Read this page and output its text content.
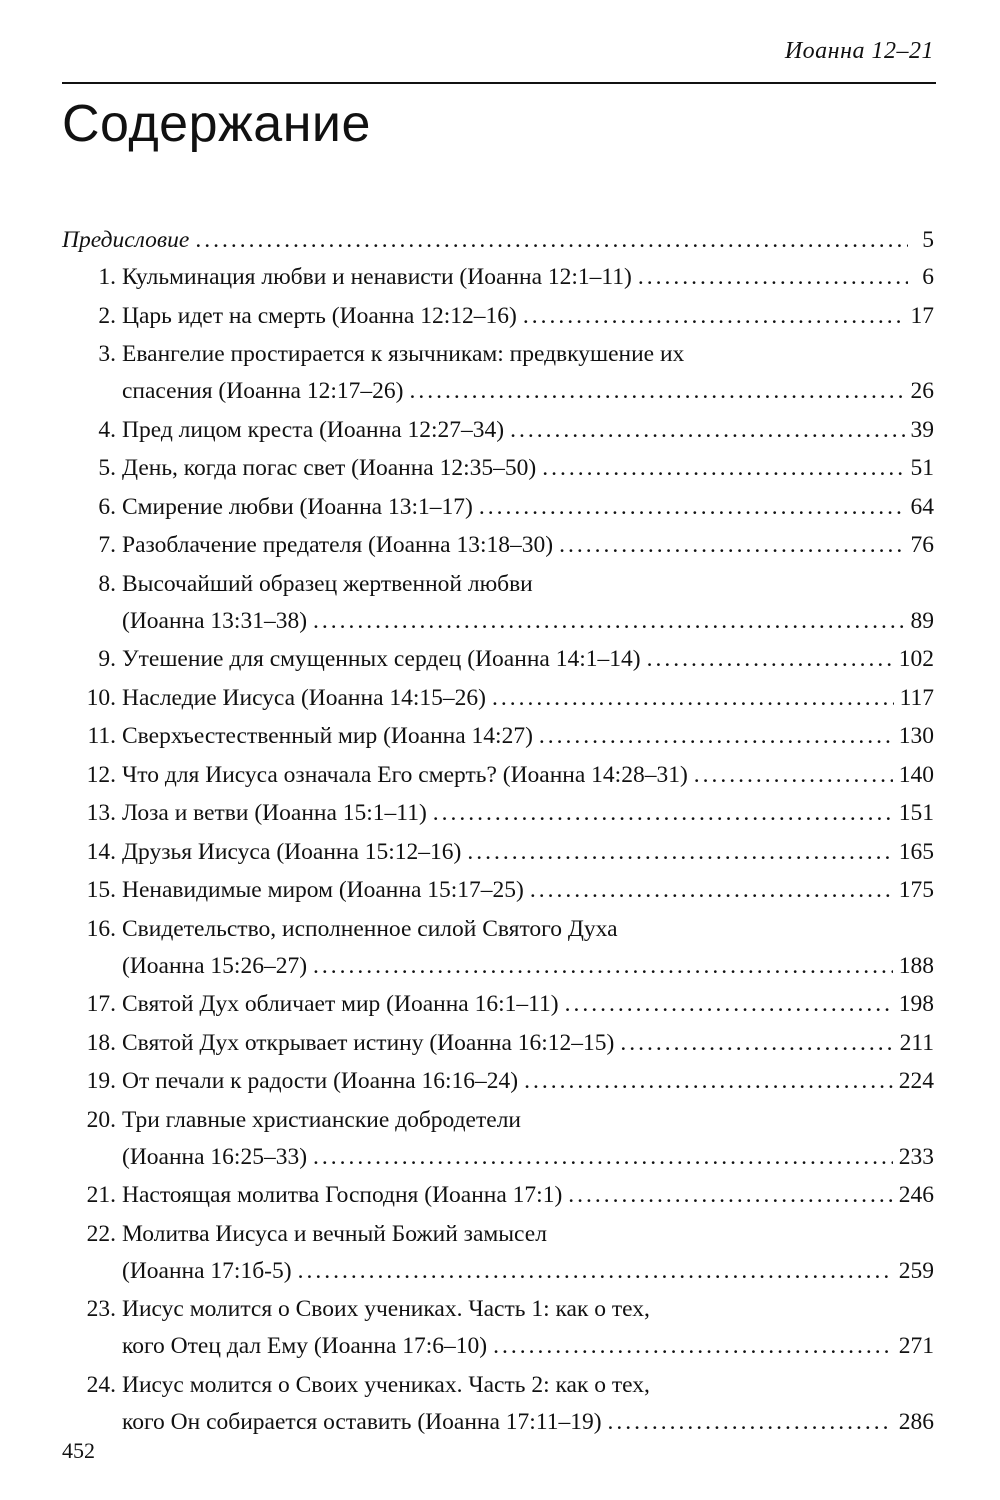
Иоанна 12–21
Содержание
Предисловие .....	5
1. Кульминация любви и ненависти (Иоанна 12:1–11) .....	6
2. Царь идет на смерть (Иоанна 12:12–16) .....	17
3. Евангелие простирается к язычникам: предвкушение их
спасения (Иоанна 12:17–26) .....	26
4. Пред лицом креста (Иоанна 12:27–34) .....	39
5. День, когда погас свет (Иоанна 12:35–50) .....	51
6. Смирение любви (Иоанна 13:1–17) .....	64
7. Разоблачение предателя (Иоанна 13:18–30) .....	76
8. Высочайший образец жертвенной любви
(Иоанна 13:31–38) .....	89
9. Утешение для смущенных сердец (Иоанна 14:1–14) .....	102
10. Наследие Иисуса (Иоанна 14:15–26) .....	117
11. Сверхъестественный мир (Иоанна 14:27) .....	130
12. Что для Иисуса означала Его смерть? (Иоанна 14:28–31) .....	140
13. Лоза и ветви (Иоанна 15:1–11) .....	151
14. Друзья Иисуса (Иоанна 15:12–16) .....	165
15. Ненавидимые миром (Иоанна 15:17–25) .....	175
16. Свидетельство, исполненное силой Святого Духа
(Иоанна 15:26–27) .....	188
17. Святой Дух обличает мир (Иоанна 16:1–11) .....	198
18. Святой Дух открывает истину (Иоанна 16:12–15) .....	211
19. От печали к радости (Иоанна 16:16–24) .....	224
20. Три главные христианские добродетели
(Иоанна 16:25–33) .....	233
21. Настоящая молитва Господня (Иоанна 17:1) .....	246
22. Молитва Иисуса и вечный Божий замысел
(Иоанна 17:1б-5) .....	259
23. Иисус молится о Своих учениках. Часть 1: как о тех,
кого Отец дал Ему (Иоанна 17:6–10) .....	271
24. Иисус молится о Своих учениках. Часть 2: как о тех,
кого Он собирается оставить (Иоанна 17:11–19) .....	286
452
